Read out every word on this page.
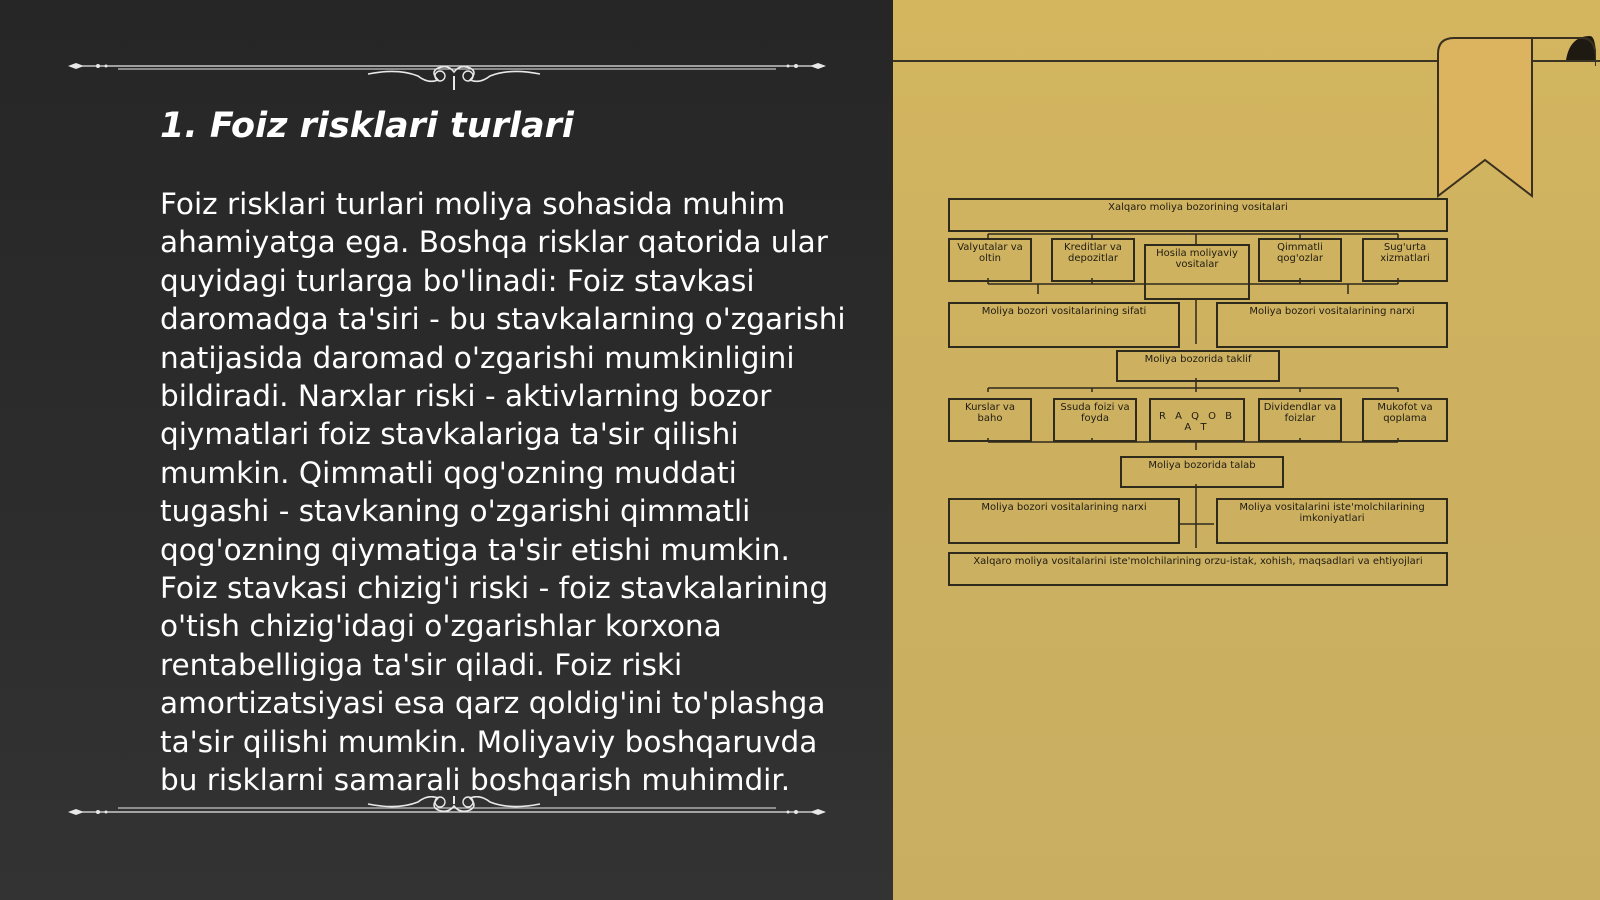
1. Foiz risklari turlari

Foiz risklari turlari moliya sohasida muhim ahamiyatga ega. Boshqa risklar qatorida ular quyidagi turlarga bo'linadi: Foiz stavkasi daromadga ta'siri - bu stavkalarning o'zgarishi natijasida daromad o'zgarishi mumkinligini bildiradi. Narxlar riski - aktivlarning bozor qiymatlari foiz stavkalariga ta'sir qilishi mumkin. Qimmatli qog'ozning muddati tugashi - stavkaning o'zgarishi qimmatli qog'ozning qiymatiga ta'sir etishi mumkin. Foiz stavkasi chizig'i riski - foiz stavkalarining o'tish chizig'idagi o'zgarishlar korxona rentabelligiga ta'sir qiladi. Foiz riski amortizatsiyasi esa qarz qoldig'ini to'plashga ta'sir qilishi mumkin. Moliyaviy boshqaruvda bu risklarni samarali boshqarish muhimdir.

Xalqaro moliya bozorining vositalari
Valyutalar va oltin
Kreditlar va depozitlar	Hosila moliyaviy vositalar
Qimmatli qog'ozlar
Sug'urta xizmatlari
Moliya bozori vositalarining sifati	Moliya bozori vositalarining narxi
Moliya bozorida taklif
Kurslar va baho
Ssuda foizi va foyda	R A Q O B A T
Dividendlar va foizlar
Mukofot va qoplama
Moliya bozorida talab
Moliya bozori vositalarining narxi	Moliya vositalarini iste'molchilarining imkoniyatlari
Xalqaro moliya vositalarini iste'molchilarining orzu-istak, xohish, maqsadlari va ehtiyojlari
